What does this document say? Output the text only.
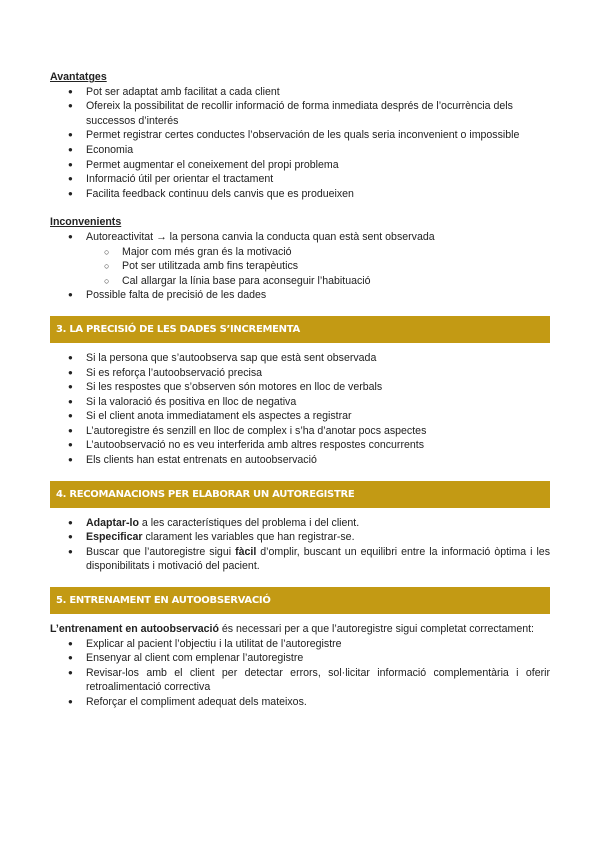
Avantatges

● Pot ser adaptat amb facilitat a cada client
● Ofereix la possibilitat de recollir informació de forma inmediata després de l’ocurrència dels successos d’interés
● Permet registrar certes conductes l’observación de les quals seria inconvenient o impossible
● Economia
● Permet augmentar el coneixement del propi problema
● Informació útil per orientar el tractament
● Facilita feedback continuu dels canvis que es produeixen

Inconvenients

● Autoreactivitat → la persona canvia la conducta quan està sent observada
○ Major com més gran és la motivació
○ Pot ser utilitzada amb fins terapèutics
○ Cal allargar la línia base para aconseguir l’habituació
● Possible falta de precisió de les dades
3. LA PRECISIÓ DE LES DADES S’INCREMENTA
● Si la persona que s’autoobserva sap que està sent observada
● Si es reforça l’autoobservació precisa
● Si les respostes que s’observen són motores en lloc de verbals
● Si la valoració és positiva en lloc de negativa
● Si el client anota immediatament els aspectes a registrar
● L’autoregistre és senzill en lloc de complex i s’ha d’anotar pocs aspectes
● L’autoobservació no es veu interferida amb altres respostes concurrents
● Els clients han estat entrenats en autoobservació
4. RECOMANACIONS PER ELABORAR UN AUTOREGISTRE
● Adaptar-lo a les característiques del problema i del client.
● Especificar clarament les variables que han registrar-se.
● Buscar que l’autoregistre sigui fàcil d’omplir, buscant un equilibri entre la informació òptima i les disponibilitats i motivació del pacient.
5. ENTRENAMENT EN AUTOOBSERVACIÓ

L’entrenament en autoobservació és necessari per a que l’autoregistre sigui completat correctament:

● Explicar al pacient l’objectiu i la utilitat de l’autoregistre
● Ensenyar al client com emplenar l’autoregistre
● Revisar-los amb el client per detectar errors, sol·licitar informació complementària i oferir retroalimentació correctiva
● Reforçar el compliment adequat dels mateixos.
